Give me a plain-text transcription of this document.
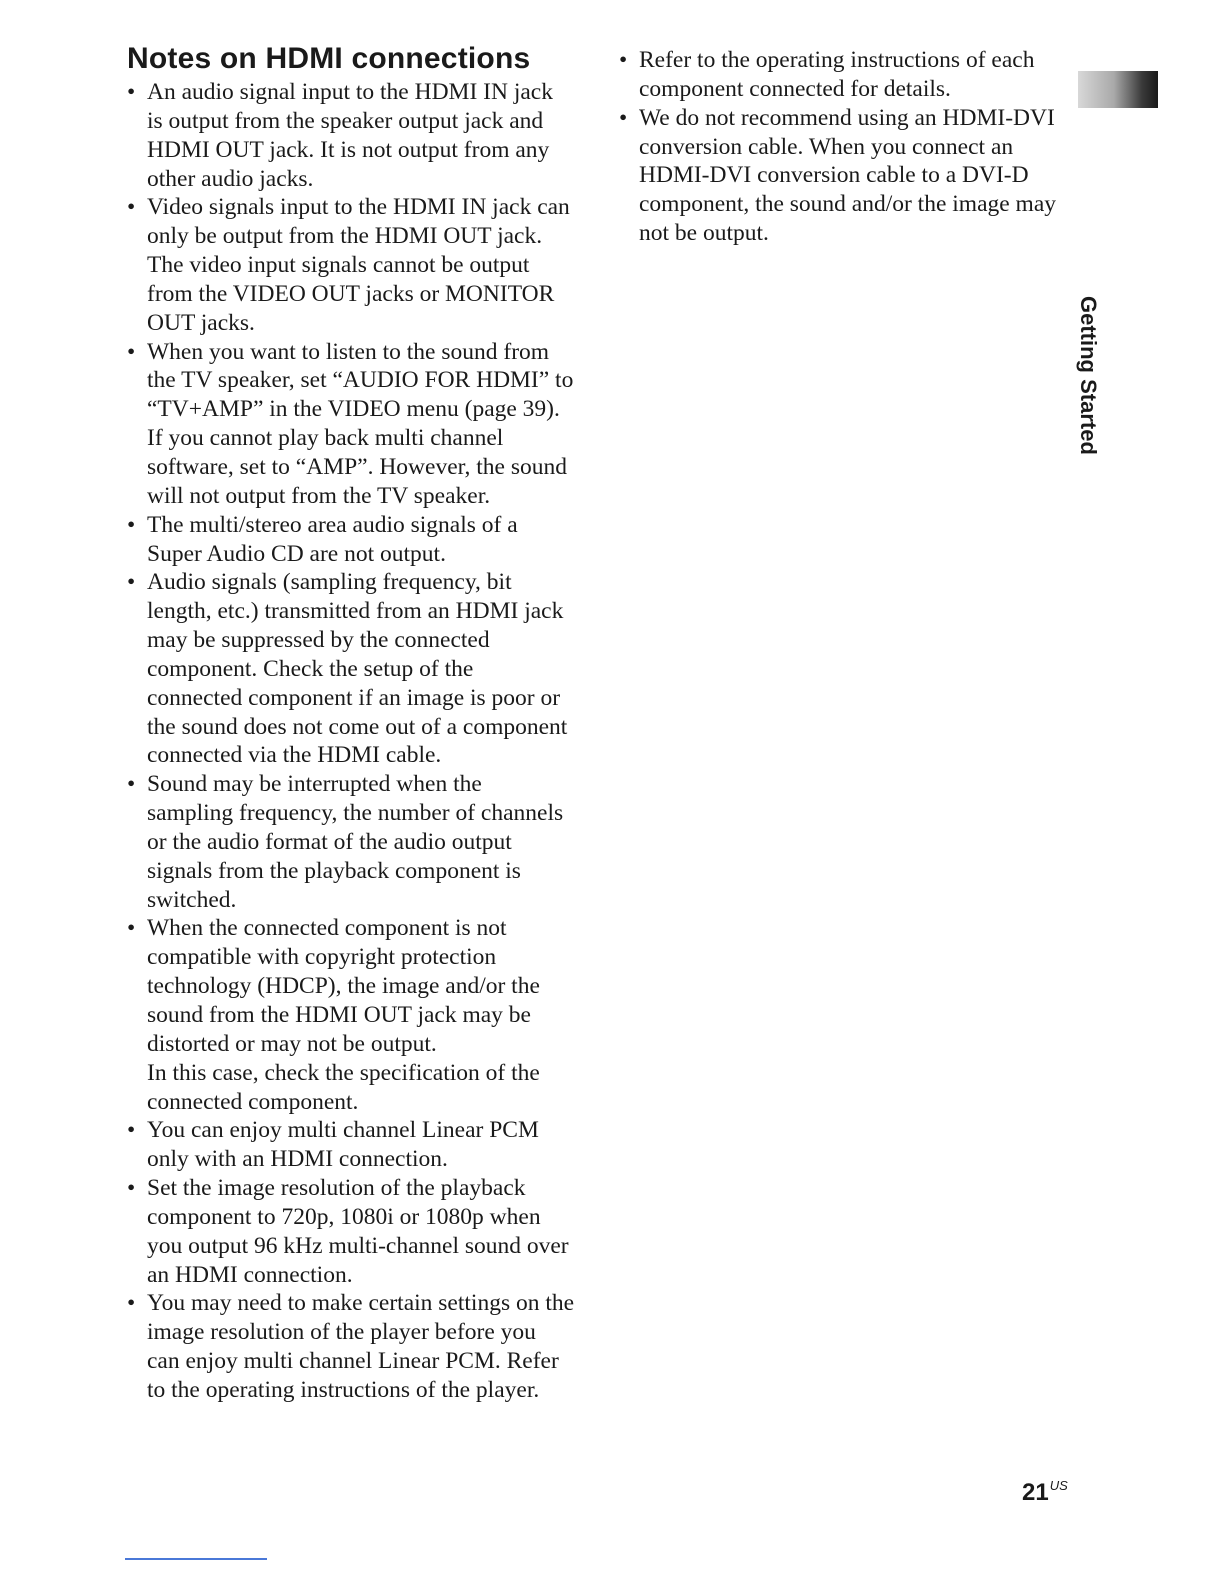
Notes on HDMI connections
• An audio signal input to the HDMI IN jack
is output from the speaker output jack and
HDMI OUT jack. It is not output from any
other audio jacks.
• Video signals input to the HDMI IN jack can
only be output from the HDMI OUT jack.
The video input signals cannot be output
from the VIDEO OUT jacks or MONITOR
OUT jacks.
• When you want to listen to the sound from
the TV speaker, set “AUDIO FOR HDMI” to
“TV+AMP” in the VIDEO menu (page 39).
If you cannot play back multi channel
software, set to “AMP”. However, the sound
will not output from the TV speaker.
• The multi/stereo area audio signals of a
Super Audio CD are not output.
• Audio signals (sampling frequency, bit
length, etc.) transmitted from an HDMI jack
may be suppressed by the connected
component. Check the setup of the
connected component if an image is poor or
the sound does not come out of a component
connected via the HDMI cable.
• Sound may be interrupted when the
sampling frequency, the number of channels
or the audio format of the audio output
signals from the playback component is
switched.
• When the connected component is not
compatible with copyright protection
technology (HDCP), the image and/or the
sound from the HDMI OUT jack may be
distorted or may not be output.
In this case, check the specification of the
connected component.
• You can enjoy multi channel Linear PCM
only with an HDMI connection.
• Set the image resolution of the playback
component to 720p, 1080i or 1080p when
you output 96 kHz multi-channel sound over
an HDMI connection.
• You may need to make certain settings on the
image resolution of the player before you
can enjoy multi channel Linear PCM. Refer
to the operating instructions of the player.
• Refer to the operating instructions of each
component connected for details.
• We do not recommend using an HDMI-DVI
conversion cable. When you connect an
HDMI-DVI conversion cable to a DVI-D
component, the sound and/or the image may
not be output.
Getting Started
$21^{US}$
